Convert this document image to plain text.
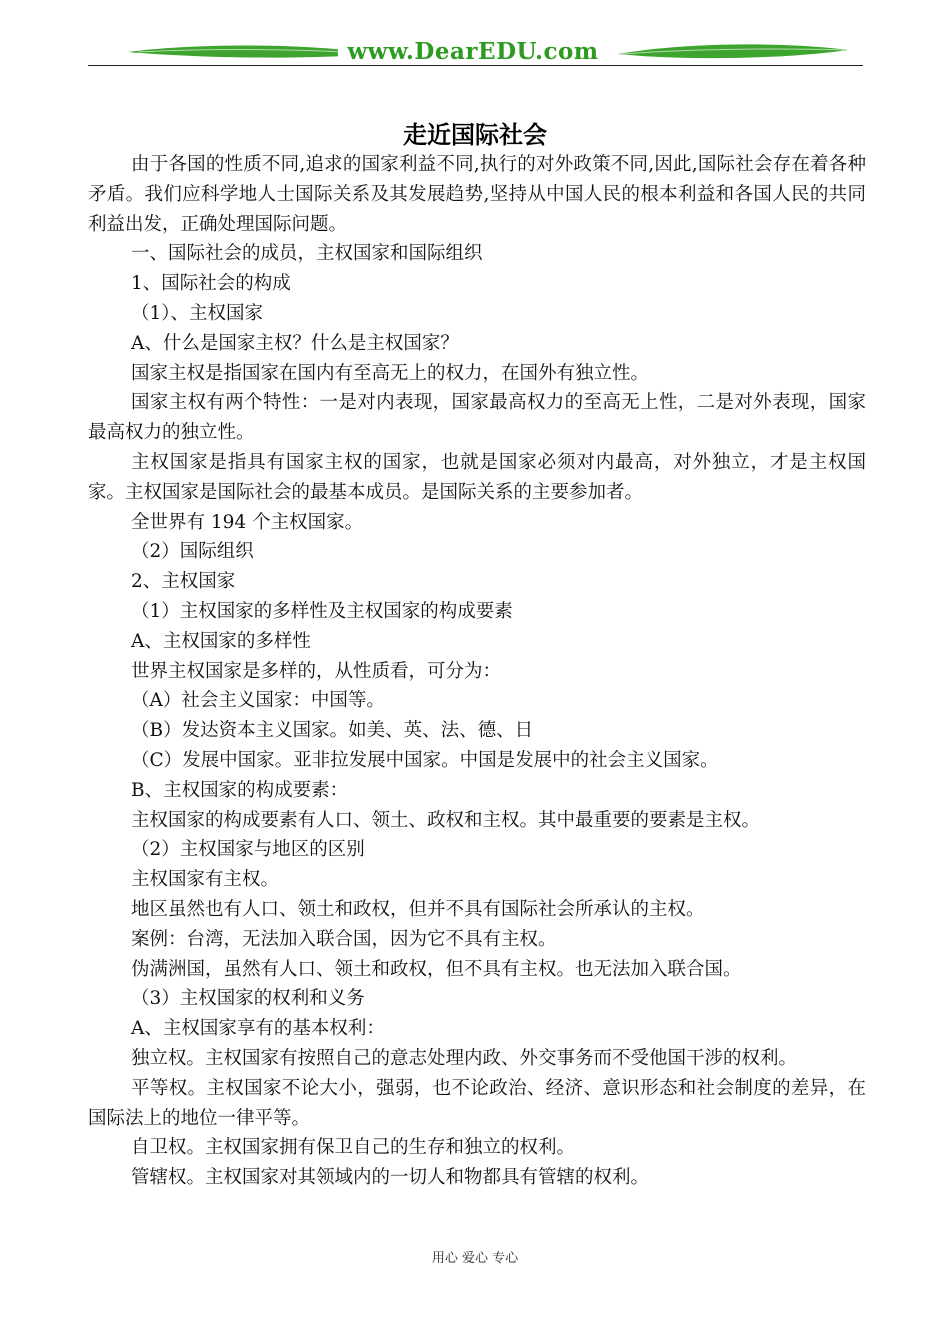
www.DearEDU.com
走近国际社会

由于各国的性质不同,追求的国家利益不同,执行的对外政策不同,因此,国际社会存在着各种矛盾。我们应科学地人士国际关系及其发展趋势,坚持从中国人民的根本利益和各国人民的共同利益出发，正确处理国际问题。

一、国际社会的成员，主权国家和国际组织

1、国际社会的构成

（1）、主权国家

A、什么是国家主权？什么是主权国家？

国家主权是指国家在国内有至高无上的权力，在国外有独立性。

国家主权有两个特性：一是对内表现，国家最高权力的至高无上性，二是对外表现，国家最高权力的独立性。

主权国家是指具有国家主权的国家，也就是国家必须对内最高，对外独立，才是主权国家。主权国家是国际社会的最基本成员。是国际关系的主要参加者。

全世界有 194 个主权国家。

（2）国际组织

2、主权国家

（1）主权国家的多样性及主权国家的构成要素

A、主权国家的多样性

世界主权国家是多样的，从性质看，可分为：

（A）社会主义国家：中国等。

（B）发达资本主义国家。如美、英、法、德、日

（C）发展中国家。亚非拉发展中国家。中国是发展中的社会主义国家。

B、主权国家的构成要素：

主权国家的构成要素有人口、领土、政权和主权。其中最重要的要素是主权。

（2）主权国家与地区的区别

主权国家有主权。

地区虽然也有人口、领土和政权，但并不具有国际社会所承认的主权。

案例：台湾，无法加入联合国，因为它不具有主权。

伪满洲国，虽然有人口、领土和政权，但不具有主权。也无法加入联合国。

（3）主权国家的权利和义务

A、主权国家享有的基本权利：

独立权。主权国家有按照自己的意志处理内政、外交事务而不受他国干涉的权利。

平等权。主权国家不论大小，强弱，也不论政治、经济、意识形态和社会制度的差异，在国际法上的地位一律平等。

自卫权。主权国家拥有保卫自己的生存和独立的权利。

管辖权。主权国家对其领域内的一切人和物都具有管辖的权利。

用心 爱心 专心
